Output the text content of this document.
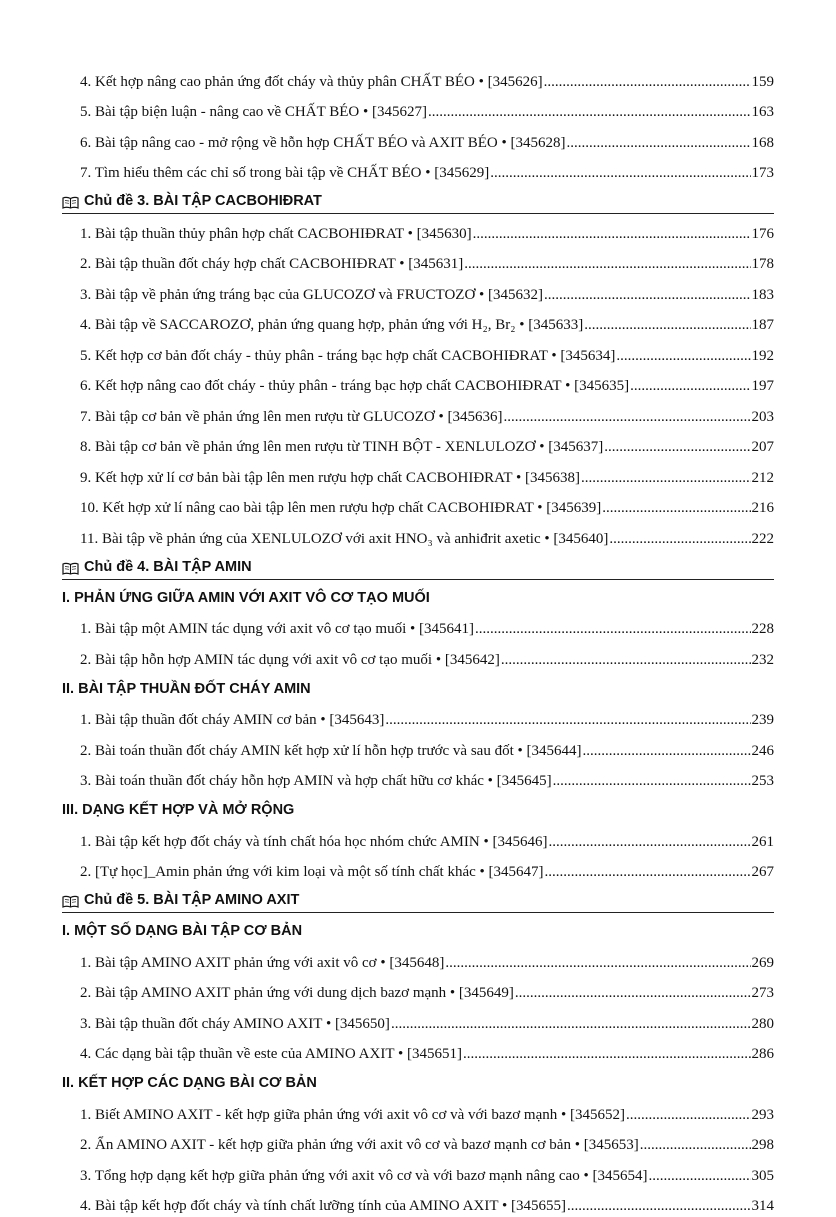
4. Kết hợp nâng cao phản ứng đốt cháy và thủy phân CHẤT BÉO • [345626] .....	159
5. Bài tập biện luận - nâng cao về CHẤT BÉO • [345627] .....	163
6. Bài tập nâng cao - mở rộng về hỗn hợp CHẤT BÉO và AXIT BÉO • [345628] .....	168
7. Tìm hiểu thêm các chỉ số trong bài tập về CHẤT BÉO • [345629] .....	173
Chủ đề 3. BÀI TẬP CACBOHIĐRAT
1. Bài tập thuần thủy phân hợp chất CACBOHIĐRAT • [345630] .....	176
2. Bài tập thuần đốt cháy hợp chất CACBOHIĐRAT • [345631] .....	178
3. Bài tập về phản ứng tráng bạc của GLUCOZƠ và FRUCTOZƠ • [345632] .....	183
4. Bài tập về SACCAROZƠ, phản ứng quang hợp, phản ứng với H₂, Br₂ • [345633] .....	187
5. Kết hợp cơ bản đốt cháy - thủy phân - tráng bạc hợp chất CACBOHIĐRAT • [345634] .....	192
6. Kết hợp nâng cao đốt cháy - thủy phân - tráng bạc hợp chất CACBOHIĐRAT • [345635] .....	197
7. Bài tập cơ bản về phản ứng lên men rượu từ GLUCOZƠ • [345636] .....	203
8. Bài tập cơ bản về phản ứng lên men rượu từ TINH BỘT - XENLULOZƠ • [345637] .....	207
9. Kết hợp xử lí cơ bản bài tập lên men rượu hợp chất CACBOHIĐRAT • [345638] .....	212
10. Kết hợp xử lí nâng cao bài tập lên men rượu hợp chất CACBOHIĐRAT • [345639] .....	216
11. Bài tập về phản ứng của XENLULOZƠ với axit HNO₃ và anhiđrit axetic • [345640] .....	222
Chủ đề 4. BÀI TẬP AMIN
I. PHẢN ỨNG GIỮA AMIN VỚI AXIT VÔ CƠ TẠO MUỐI
1. Bài tập một AMIN tác dụng với axit vô cơ tạo muối • [345641] .....	228
2. Bài tập hỗn hợp AMIN tác dụng với axit vô cơ tạo muối • [345642] .....	232
II. BÀI TẬP THUẦN ĐỐT CHÁY AMIN
1. Bài tập thuần đốt cháy AMIN cơ bản • [345643] .....	239
2. Bài toán thuần đốt cháy AMIN kết hợp xử lí hỗn hợp trước và sau đốt • [345644] .....	246
3. Bài toán thuần đốt cháy hỗn hợp AMIN và hợp chất hữu cơ khác • [345645] .....	253
III. DẠNG KẾT HỢP VÀ MỞ RỘNG
1. Bài tập kết hợp đốt cháy và tính chất hóa học nhóm chức AMIN • [345646] .....	261
2. [Tự học]_Amin phản ứng với kim loại và một số tính chất khác • [345647] .....	267
Chủ đề 5. BÀI TẬP AMINO AXIT
I. MỘT SỐ DẠNG BÀI TẬP CƠ BẢN
1. Bài tập AMINO AXIT phản ứng với axit vô cơ • [345648] .....	269
2. Bài tập AMINO AXIT phản ứng với dung dịch bazơ mạnh • [345649] .....	273
3. Bài tập thuần đốt cháy AMINO AXIT • [345650] .....	280
4. Các dạng bài tập thuần về este của AMINO AXIT • [345651] .....	286
II. KẾT HỢP CÁC DẠNG BÀI CƠ BẢN
1. Biết AMINO AXIT - kết hợp giữa phản ứng với axit vô cơ và với bazơ mạnh • [345652] .....	293
2. Ẩn AMINO AXIT - kết hợp giữa phản ứng với axit vô cơ và bazơ mạnh cơ bản • [345653] .....	298
3. Tổng hợp dạng kết hợp giữa phản ứng với axit vô cơ và với bazơ mạnh nâng cao • [345654] .....	305
4. Bài tập kết hợp đốt cháy và tính chất lưỡng tính của AMINO AXIT • [345655] .....	314
